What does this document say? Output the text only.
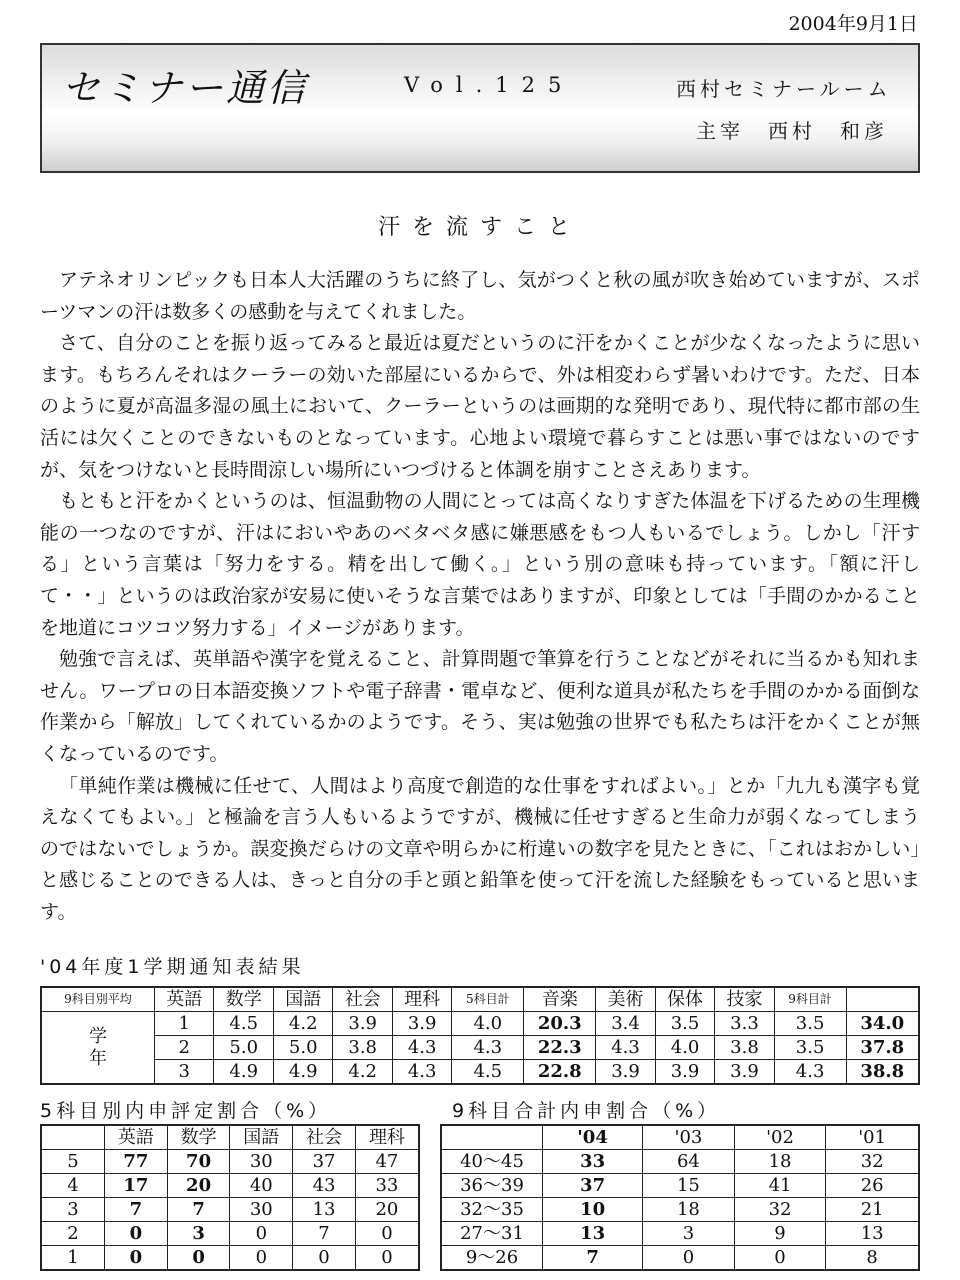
2004年9月1日
セミナー通信	Vol.125	西村セミナールーム
主宰　西村　和彦
汗を流すこと

アテネオリンピックも日本人大活躍のうちに終了し、気がつくと秋の風が吹き始めていますが、スポーツマンの汗は数多くの感動を与えてくれました。

さて、自分のことを振り返ってみると最近は夏だというのに汗をかくことが少なくなったように思います。もちろんそれはクーラーの効いた部屋にいるからで、外は相変わらず暑いわけです。ただ、日本のように夏が高温多湿の風土において、クーラーというのは画期的な発明であり、現代特に都市部の生活には欠くことのできないものとなっています。心地よい環境で暮らすことは悪い事ではないのですが、気をつけないと長時間涼しい場所にいつづけると体調を崩すことさえあります。

もともと汗をかくというのは、恒温動物の人間にとっては高くなりすぎた体温を下げるための生理機能の一つなのですが、汗はにおいやあのベタベタ感に嫌悪感をもつ人もいるでしょう。しかし「汗する」という言葉は「努力をする。精を出して働く。」という別の意味も持っています。「額に汗して・・」というのは政治家が安易に使いそうな言葉ではありますが、印象としては「手間のかかることを地道にコツコツ努力する」イメージがあります。

勉強で言えば、英単語や漢字を覚えること、計算問題で筆算を行うことなどがそれに当るかも知れません。ワープロの日本語変換ソフトや電子辞書・電卓など、便利な道具が私たちを手間のかかる面倒な作業から「解放」してくれているかのようです。そう、実は勉強の世界でも私たちは汗をかくことが無くなっているのです。

「単純作業は機械に任せて、人間はより高度で創造的な仕事をすればよい。」とか「九九も漢字も覚えなくてもよい。」と極論を言う人もいるようですが、機械に任せすぎると生命力が弱くなってしまうのではないでしょうか。誤変換だらけの文章や明らかに桁違いの数字を見たときに、「これはおかしい」と感じることのできる人は、きっと自分の手と頭と鉛筆を使って汗を流した経験をもっていると思います。

'04年度1学期通知表結果
9科目別平均	英語	数学	国語	社会	理科	5科目計	音楽	美術	保体	技家	9科目計	

学年	1	4.5	4.2	3.9	3.9	4.0	20.3	3.4	3.5	3.3	3.5	34.0
	2	5.0	5.0	3.8	4.3	4.3	22.3	4.3	4.0	3.8	3.5	37.8
	3	4.9	4.9	4.2	4.3	4.5	22.8	3.9	3.9	3.9	4.3	38.8
5科目別内申評定割合（%）	9科目合計内申割合（%）
	英語	数学	国語	社会	理科
5	77	70	30	37	47
4	17	20	40	43	33
3	7	7	30	13	20
2	0	3	0	7	0
1	0	0	0	0	0
	'04	'03	'02	'01
40〜45	33	64	18	32
36〜39	37	15	41	26
32〜35	10	18	32	21
27〜31	13	3	9	13
9〜26	7	0	0	8
